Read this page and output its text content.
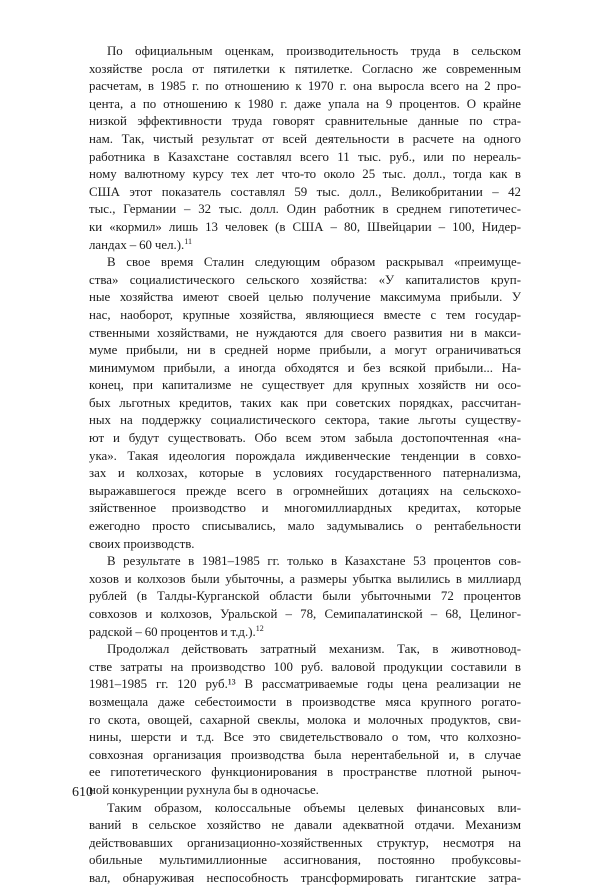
По официальным оценкам, производительность труда в сельском
хозяйстве росла от пятилетки к пятилетке. Согласно же современным
расчетам, в 1985 г. по отношению к 1970 г. она выросла всего на 2 про-
цента, а по отношению к 1980 г. даже упала на 9 процентов. О крайне
низкой эффективности труда говорят сравнительные данные по стра-
нам. Так, чистый результат от всей деятельности в расчете на одного
работника в Казахстане составлял всего 11 тыс. руб., или по нереаль-
ному валютному курсу тех лет что-то около 25 тыс. долл., тогда как в
США этот показатель составлял 59 тыс. долл., Великобритании – 42
тыс., Германии – 32 тыс. долл. Один работник в среднем гипотетичес-
ки «кормил» лишь 13 человек (в США – 80, Швейцарии – 100, Нидер-
ландах – 60 чел.).$^{11}$

В свое время Сталин следующим образом раскрывал «преимуще-
ства» социалистического сельского хозяйства: «У капиталистов круп-
ные хозяйства имеют своей целью получение максимума прибыли. У
нас, наоборот, крупные хозяйства, являющиеся вместе с тем государ-
ственными хозяйствами, не нуждаются для своего развития ни в макси-
муме прибыли, ни в средней норме прибыли, а могут ограничиваться
минимумом прибыли, а иногда обходятся и без всякой прибыли... На-
конец, при капитализме не существует для крупных хозяйств ни осо-
бых льготных кредитов, таких как при советских порядках, рассчитан-
ных на поддержку социалистического сектора, такие льготы существу-
ют и будут существовать. Обо всем этом забыла достопочтенная «на-
ука». Такая идеология порождала иждивенческие тенденции в совхо-
зах и колхозах, которые в условиях государственного патернализма,
выражавшегося прежде всего в огромнейших дотациях на сельскохо-
зяйственное производство и многомиллиардных кредитах, которые
ежегодно просто списывались, мало задумывались о рентабельности
своих производств.

В результате в 1981–1985 гг. только в Казахстане 53 процентов сов-
хозов и колхозов были убыточны, а размеры убытка вылились в миллиард
рублей (в Талды-Курганской области были убыточными 72 процентов
совхозов и колхозов, Уральской – 78, Семипалатинской – 68, Целиног-
радской – 60 процентов и т.д.).$^{12}$

Продолжал действовать затратный механизм. Так, в животновод-
стве затраты на производство 100 руб. валовой продукции составили в
1981–1985 гг. 120 руб.¹³ В рассматриваемые годы цена реализации не
возмещала даже себестоимости в производстве мяса крупного рогато-
го скота, овощей, сахарной свеклы, молока и молочных продуктов, сви-
нины, шерсти и т.д. Все это свидетельствовало о том, что колхозно-
совхозная организация производства была нерентабельной и, в случае
ее гипотетического функционирования в пространстве плотной рыноч-
ной конкуренции рухнула бы в одночасье.

Таким образом, колоссальные объемы целевых финансовых вли-
ваний в сельское хозяйство не давали адекватной отдачи. Механизм
действовавших организационно-хозяйственных структур, несмотря на
обильные мультимиллионные ассигнования, постоянно пробуксовы-
вал, обнаруживая неспособность трансформировать гигантские затра-

610
